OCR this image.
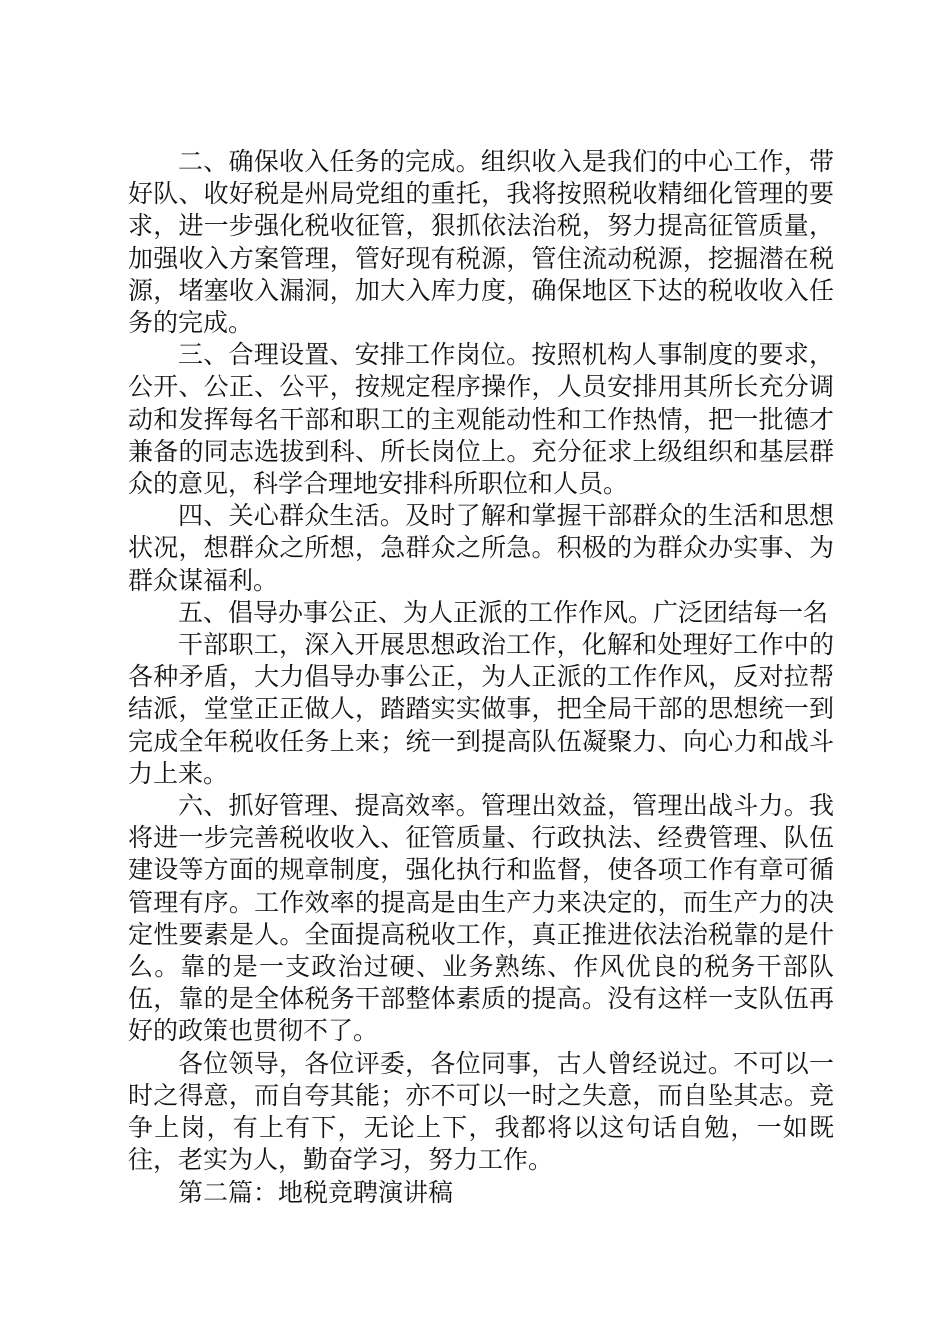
二、确保收入任务的完成。组织收入是我们的中心工作，带好队、收好税是州局党组的重托，我将按照税收精细化管理的要求，进一步强化税收征管，狠抓依法治税，努力提高征管质量，加强收入方案管理，管好现有税源，管住流动税源，挖掘潜在税源，堵塞收入漏洞，加大入库力度，确保地区下达的税收收入任务的完成。

三、合理设置、安排工作岗位。按照机构人事制度的要求，公开、公正、公平，按规定程序操作，人员安排用其所长充分调动和发挥每名干部和职工的主观能动性和工作热情，把一批德才兼备的同志选拔到科、所长岗位上。充分征求上级组织和基层群众的意见，科学合理地安排科所职位和人员。

四、关心群众生活。及时了解和掌握干部群众的生活和思想状况，想群众之所想，急群众之所急。积极的为群众办实事、为群众谋福利。

五、倡导办事公正、为人正派的工作作风。广泛团结每一名

干部职工，深入开展思想政治工作，化解和处理好工作中的各种矛盾，大力倡导办事公正，为人正派的工作作风，反对拉帮结派，堂堂正正做人，踏踏实实做事，把全局干部的思想统一到完成全年税收任务上来；统一到提高队伍凝聚力、向心力和战斗力上来。

六、抓好管理、提高效率。管理出效益，管理出战斗力。我将进一步完善税收收入、征管质量、行政执法、经费管理、队伍建设等方面的规章制度，强化执行和监督，使各项工作有章可循管理有序。工作效率的提高是由生产力来决定的，而生产力的决定性要素是人。全面提高税收工作，真正推进依法治税靠的是什么。靠的是一支政治过硬、业务熟练、作风优良的税务干部队伍，靠的是全体税务干部整体素质的提高。没有这样一支队伍再好的政策也贯彻不了。

各位领导，各位评委，各位同事，古人曾经说过。不可以一时之得意，而自夸其能；亦不可以一时之失意，而自坠其志。竞争上岗，有上有下，无论上下，我都将以这句话自勉，一如既往，老实为人，勤奋学习，努力工作。

第二篇：地税竞聘演讲稿
